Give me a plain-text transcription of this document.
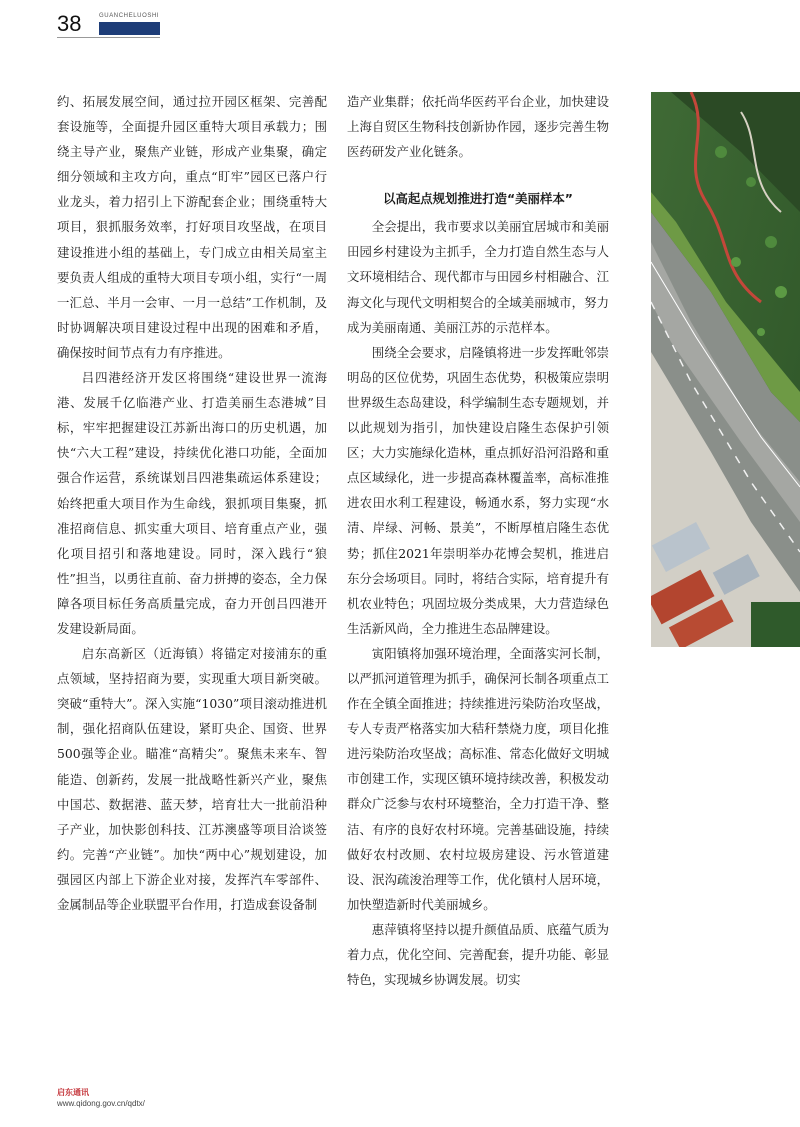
38	GUANCHELUOSHI
贯彻落实

约、拓展发展空间，通过拉开园区框架、完善配套设施等，全面提升园区重特大项目承载力；围绕主导产业，聚焦产业链，形成产业集聚，确定细分领域和主攻方向，重点“盯牢”园区已落户行业龙头，着力招引上下游配套企业；围绕重特大项目，狠抓服务效率，打好项目攻坚战，在项目建设推进小组的基础上，专门成立由相关局室主要负责人组成的重特大项目专项小组，实行“一周一汇总、半月一会审、一月一总结”工作机制，及时协调解决项目建设过程中出现的困难和矛盾，确保按时间节点有力有序推进。

吕四港经济开发区将围绕“建设世界一流海港、发展千亿临港产业、打造美丽生态港城”目标，牢牢把握建设江苏新出海口的历史机遇，加快“六大工程”建设，持续优化港口功能，全面加强合作运营，系统谋划吕四港集疏运体系建设；始终把重大项目作为生命线，狠抓项目集聚，抓准招商信息、抓实重大项目、培育重点产业，强化项目招引和落地建设。同时，深入践行“狼性”担当，以勇往直前、奋力拼搏的姿态，全力保障各项目标任务高质量完成，奋力开创吕四港开发建设新局面。

启东高新区（近海镇）将锚定对接浦东的重点领域，坚持招商为要，实现重大项目新突破。突破“重特大”。深入实施“1030”项目滚动推进机制，强化招商队伍建设，紧盯央企、国资、世界500强等企业。瞄准“高精尖”。聚焦未来车、智能造、创新药，发展一批战略性新兴产业，聚焦中国芯、数据港、蓝天梦，培育壮大一批前沿种子产业，加快影创科技、江苏澳盛等项目洽谈签约。完善“产业链”。加快“两中心”规划建设，加强园区内部上下游企业对接，发挥汽车零部件、金属制品等企业联盟平台作用，打造成套设备制

造产业集群；依托尚华医药平台企业，加快建设上海自贸区生物科技创新协作园，逐步完善生物医药研发产业化链条。

以高起点规划推进打造“美丽样本”

全会提出，我市要求以美丽宜居城市和美丽田园乡村建设为主抓手，全力打造自然生态与人文环境相结合、现代都市与田园乡村相融合、江海文化与现代文明相契合的全域美丽城市，努力成为美丽南通、美丽江苏的示范样本。

围绕全会要求，启隆镇将进一步发挥毗邻崇明岛的区位优势，巩固生态优势，积极策应崇明世界级生态岛建设，科学编制生态专题规划，并以此规划为指引，加快建设启隆生态保护引领区；大力实施绿化造林，重点抓好沿河沿路和重点区域绿化，进一步提高森林覆盖率，高标准推进农田水利工程建设，畅通水系，努力实现“水清、岸绿、河畅、景美”，不断厚植启隆生态优势；抓住2021年崇明举办花博会契机，推进启东分会场项目。同时，将结合实际，培育提升有机农业特色；巩固垃圾分类成果，大力营造绿色生活新风尚，全力推进生态品牌建设。

寅阳镇将加强环境治理，全面落实河长制，以严抓河道管理为抓手，确保河长制各项重点工作在全镇全面推进；持续推进污染防治攻坚战，专人专责严格落实加大秸秆禁烧力度，项目化推进污染防治攻坚战；高标准、常态化做好文明城市创建工作，实现区镇环境持续改善，积极发动群众广泛参与农村环境整治，全力打造干净、整洁、有序的良好农村环境。完善基础设施，持续做好农村改厕、农村垃圾房建设、污水管道建设、泯沟疏浚治理等工作，优化镇村人居环境，加快塑造新时代美丽城乡。

惠萍镇将坚持以提升颜值品质、底蕴气质为着力点，优化空间、完善配套，提升功能、彰显特色，实现城乡协调发展。切实

启东通讯
www.qidong.gov.cn/qdtx/
